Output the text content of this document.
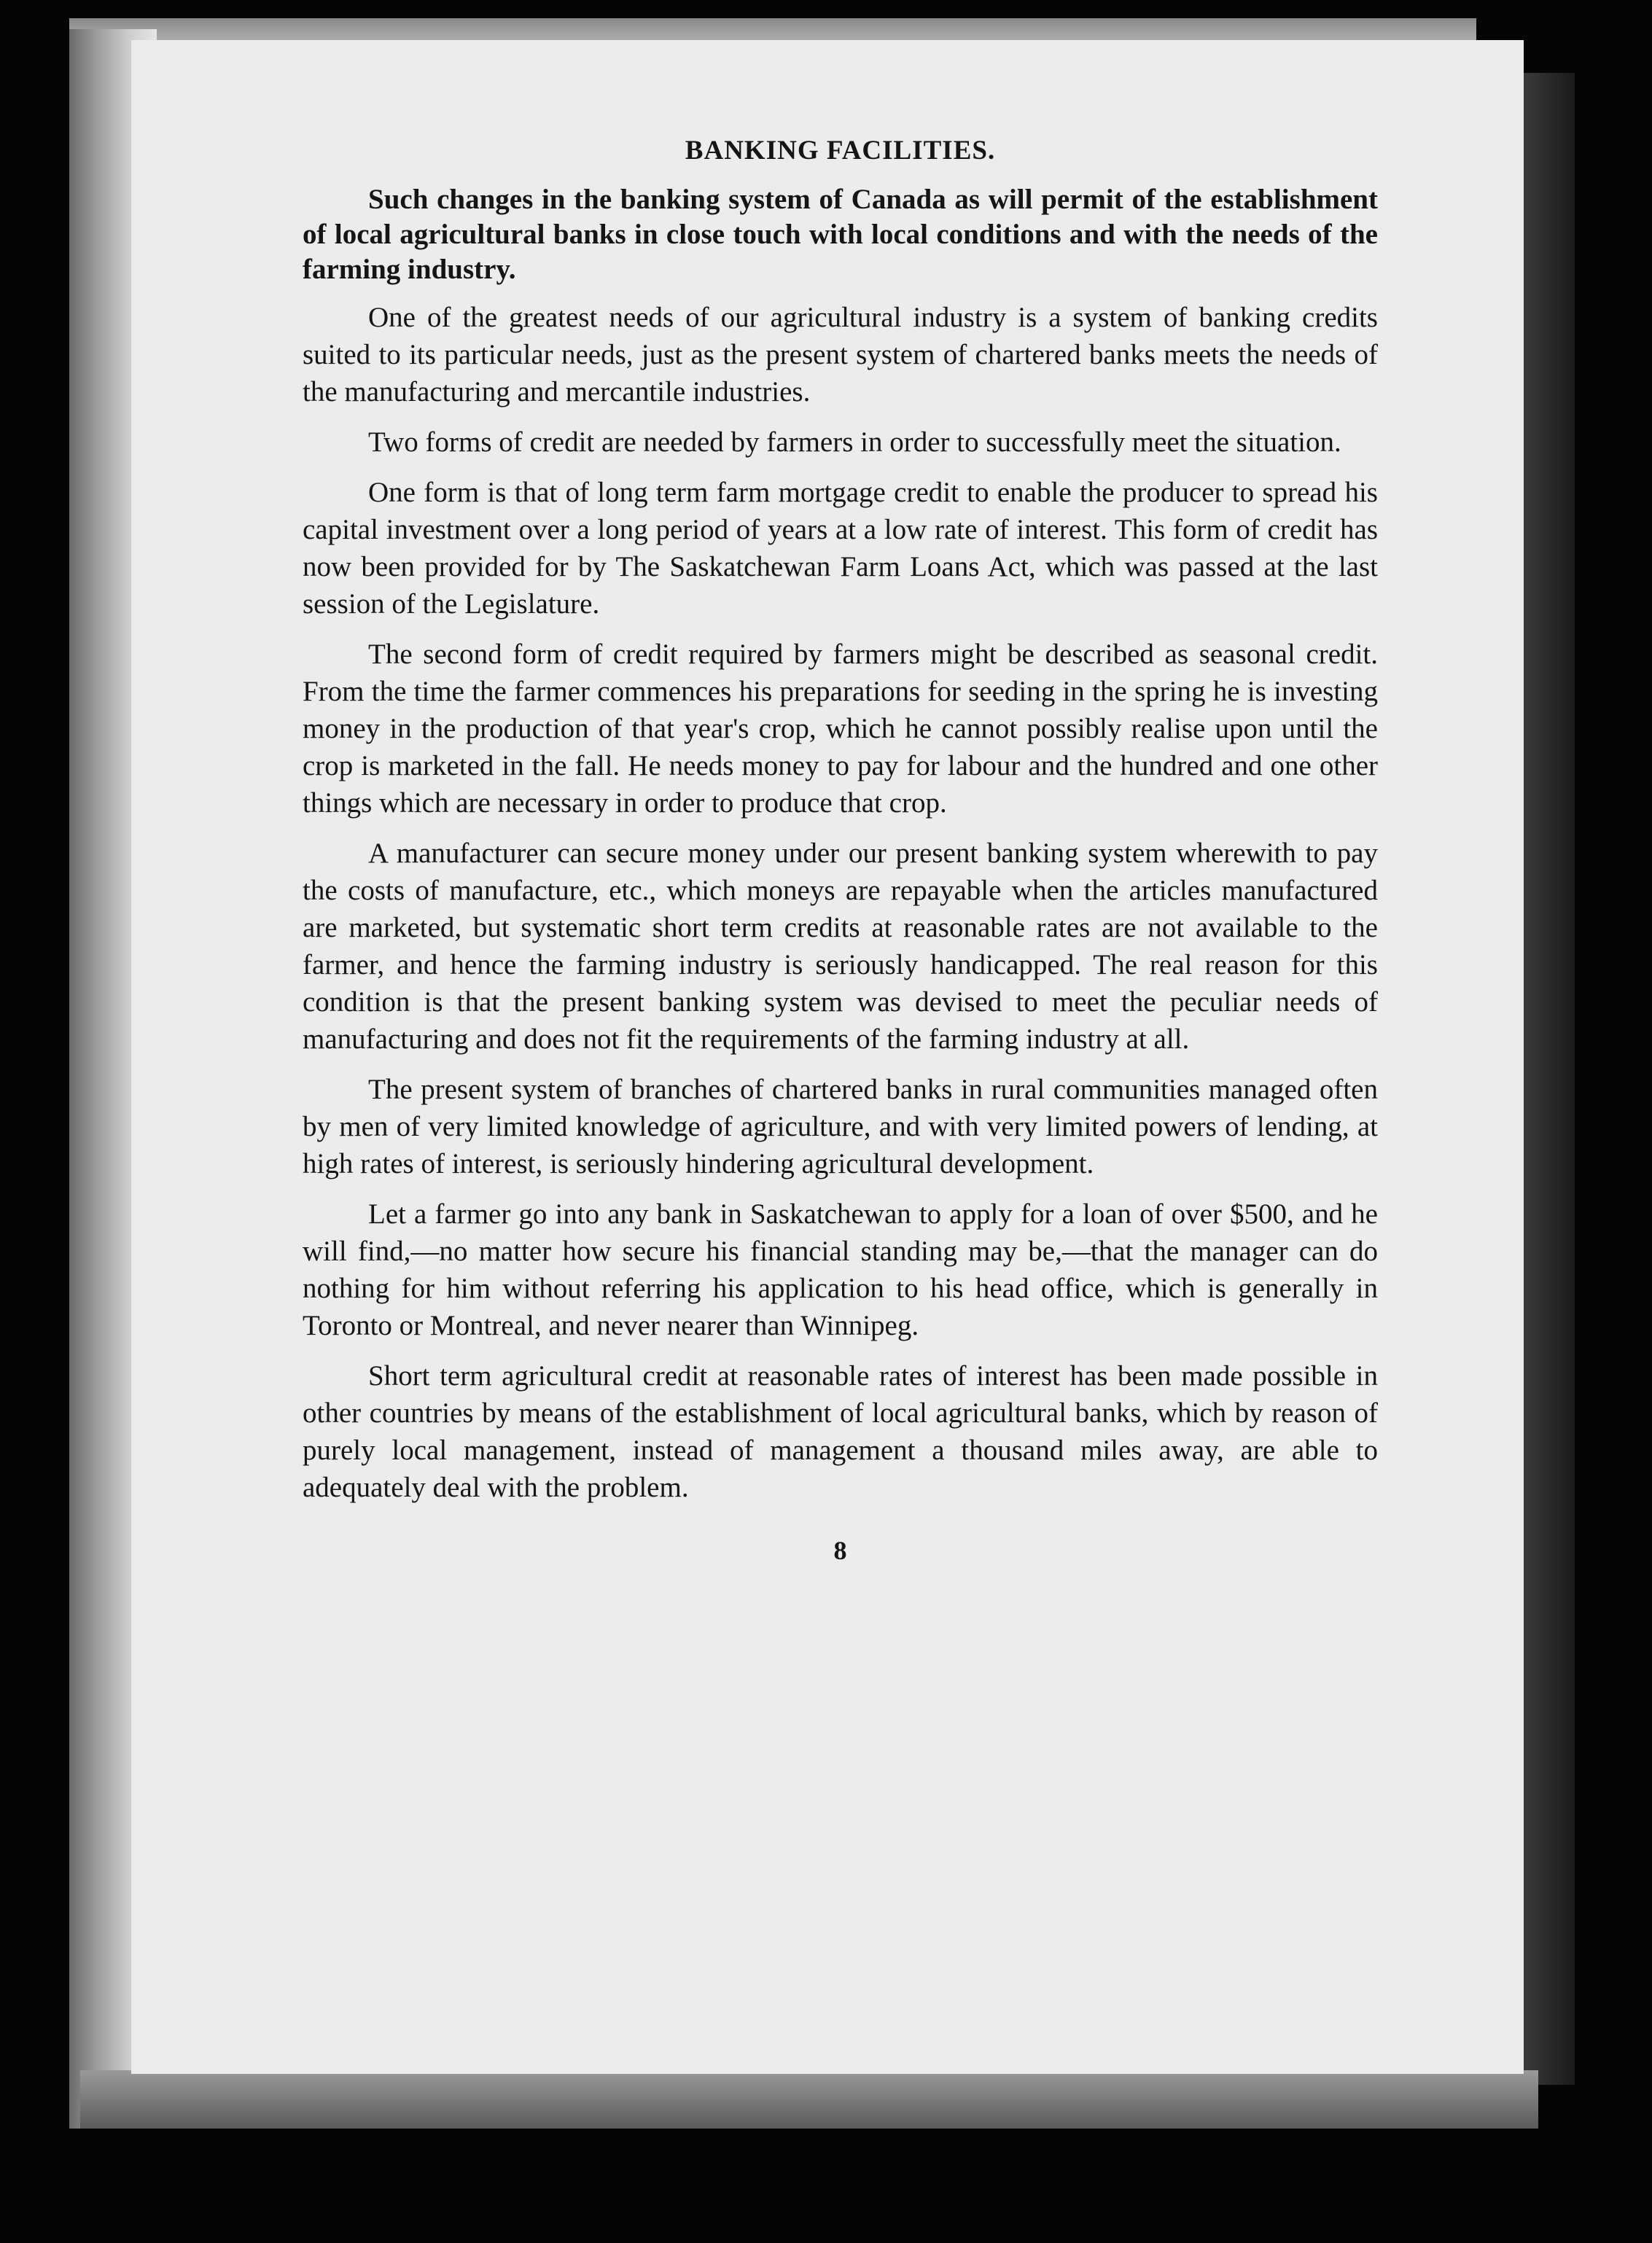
BANKING FACILITIES.

Such changes in the banking system of Canada as will permit of the establishment of local agricultural banks in close touch with local conditions and with the needs of the farming industry.

One of the greatest needs of our agricultural industry is a system of banking credits suited to its particular needs, just as the present system of chartered banks meets the needs of the manufacturing and mercantile industries.

Two forms of credit are needed by farmers in order to successfully meet the situation.

One form is that of long term farm mortgage credit to enable the producer to spread his capital investment over a long period of years at a low rate of interest. This form of credit has now been provided for by The Saskatchewan Farm Loans Act, which was passed at the last session of the Legislature.

The second form of credit required by farmers might be described as seasonal credit. From the time the farmer commences his preparations for seeding in the spring he is investing money in the production of that year's crop, which he cannot possibly realise upon until the crop is marketed in the fall. He needs money to pay for labour and the hundred and one other things which are necessary in order to produce that crop.

A manufacturer can secure money under our present banking system wherewith to pay the costs of manufacture, etc., which moneys are repayable when the articles manufactured are marketed, but systematic short term credits at reasonable rates are not available to the farmer, and hence the farming industry is seriously handicapped. The real reason for this condition is that the present banking system was devised to meet the peculiar needs of manufacturing and does not fit the requirements of the farming industry at all.

The present system of branches of chartered banks in rural communities managed often by men of very limited knowledge of agriculture, and with very limited powers of lending, at high rates of interest, is seriously hindering agricultural development.

Let a farmer go into any bank in Saskatchewan to apply for a loan of over $500, and he will find,—no matter how secure his financial standing may be,—that the manager can do nothing for him without referring his application to his head office, which is generally in Toronto or Montreal, and never nearer than Winnipeg.

Short term agricultural credit at reasonable rates of interest has been made possible in other countries by means of the establishment of local agricultural banks, which by reason of purely local management, instead of management a thousand miles away, are able to adequately deal with the problem.

8
